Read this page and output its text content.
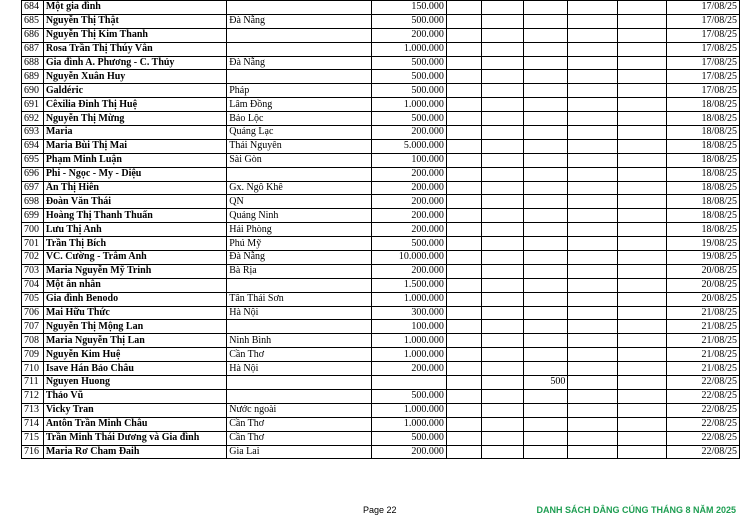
684	Một gia đình		150.000						17/08/25
685	Nguyễn Thị Thật	Đà Nẵng	500.000						17/08/25
686	Nguyễn Thị Kim Thanh		200.000						17/08/25
687	Rosa Trần Thị Thúy Vân		1.000.000						17/08/25
688	Gia đình A. Phương - C. Thủy	Đà Nẵng	500.000						17/08/25
689	Nguyễn Xuân Huy		500.000						17/08/25
690	Galdéric	Pháp	500.000						17/08/25
691	Cêxilia Đinh Thị Huệ	Lâm Đồng	1.000.000						18/08/25
692	Nguyễn Thị Mừng	Bảo Lộc	500.000						18/08/25
693	Maria	Quảng Lạc	200.000						18/08/25
694	Maria Bùi Thị Mai	Thái Nguyên	5.000.000						18/08/25
695	Phạm Minh Luận	Sài Gòn	100.000						18/08/25
696	Phi - Ngọc - My - Diệu		200.000						18/08/25
697	Ân Thị Hiên	Gx. Ngô Khê	200.000						18/08/25
698	Đoàn Văn Thái	QN	200.000						18/08/25
699	Hoàng Thị Thanh Thuấn	Quảng Ninh	200.000						18/08/25
700	Lưu Thị Anh	Hải Phòng	200.000						18/08/25
701	Trần Thị Bích	Phú Mỹ	500.000						19/08/25
702	VC. Cường - Trâm Anh	Đà Nẵng	10.000.000						19/08/25
703	Maria Nguyễn Mỹ Trinh	Bà Rịa	200.000						20/08/25
704	Một ân nhân		1.500.000						20/08/25
705	Gia đình Benodo	Tân Thái Sơn	1.000.000						20/08/25
706	Mai Hữu Thức	Hà Nội	300.000						21/08/25
707	Nguyễn Thị Mộng Lan		100.000						21/08/25
708	Maria Nguyễn Thị Lan	Ninh Bình	1.000.000						21/08/25
709	Nguyễn Kim Huệ	Cần Thơ	1.000.000						21/08/25
710	Isave Hán Bảo Châu	Hà Nội	200.000						21/08/25
711	Nguyen Huong					500			22/08/25
712	Thảo Vũ		500.000						22/08/25
713	Vicky Tran	Nước ngoài	1.000.000						22/08/25
714	Antôn Trần Minh Châu	Cần Thơ	1.000.000						22/08/25
715	Trần Minh Thái Dương và Gia đình	Cần Thơ	500.000						22/08/25
716	Maria Rơ Cham Đaih	Gia Lai	200.000						22/08/25
Page 22	DANH SÁCH DÂNG CÚNG THÁNG 8 NĂM 2025
